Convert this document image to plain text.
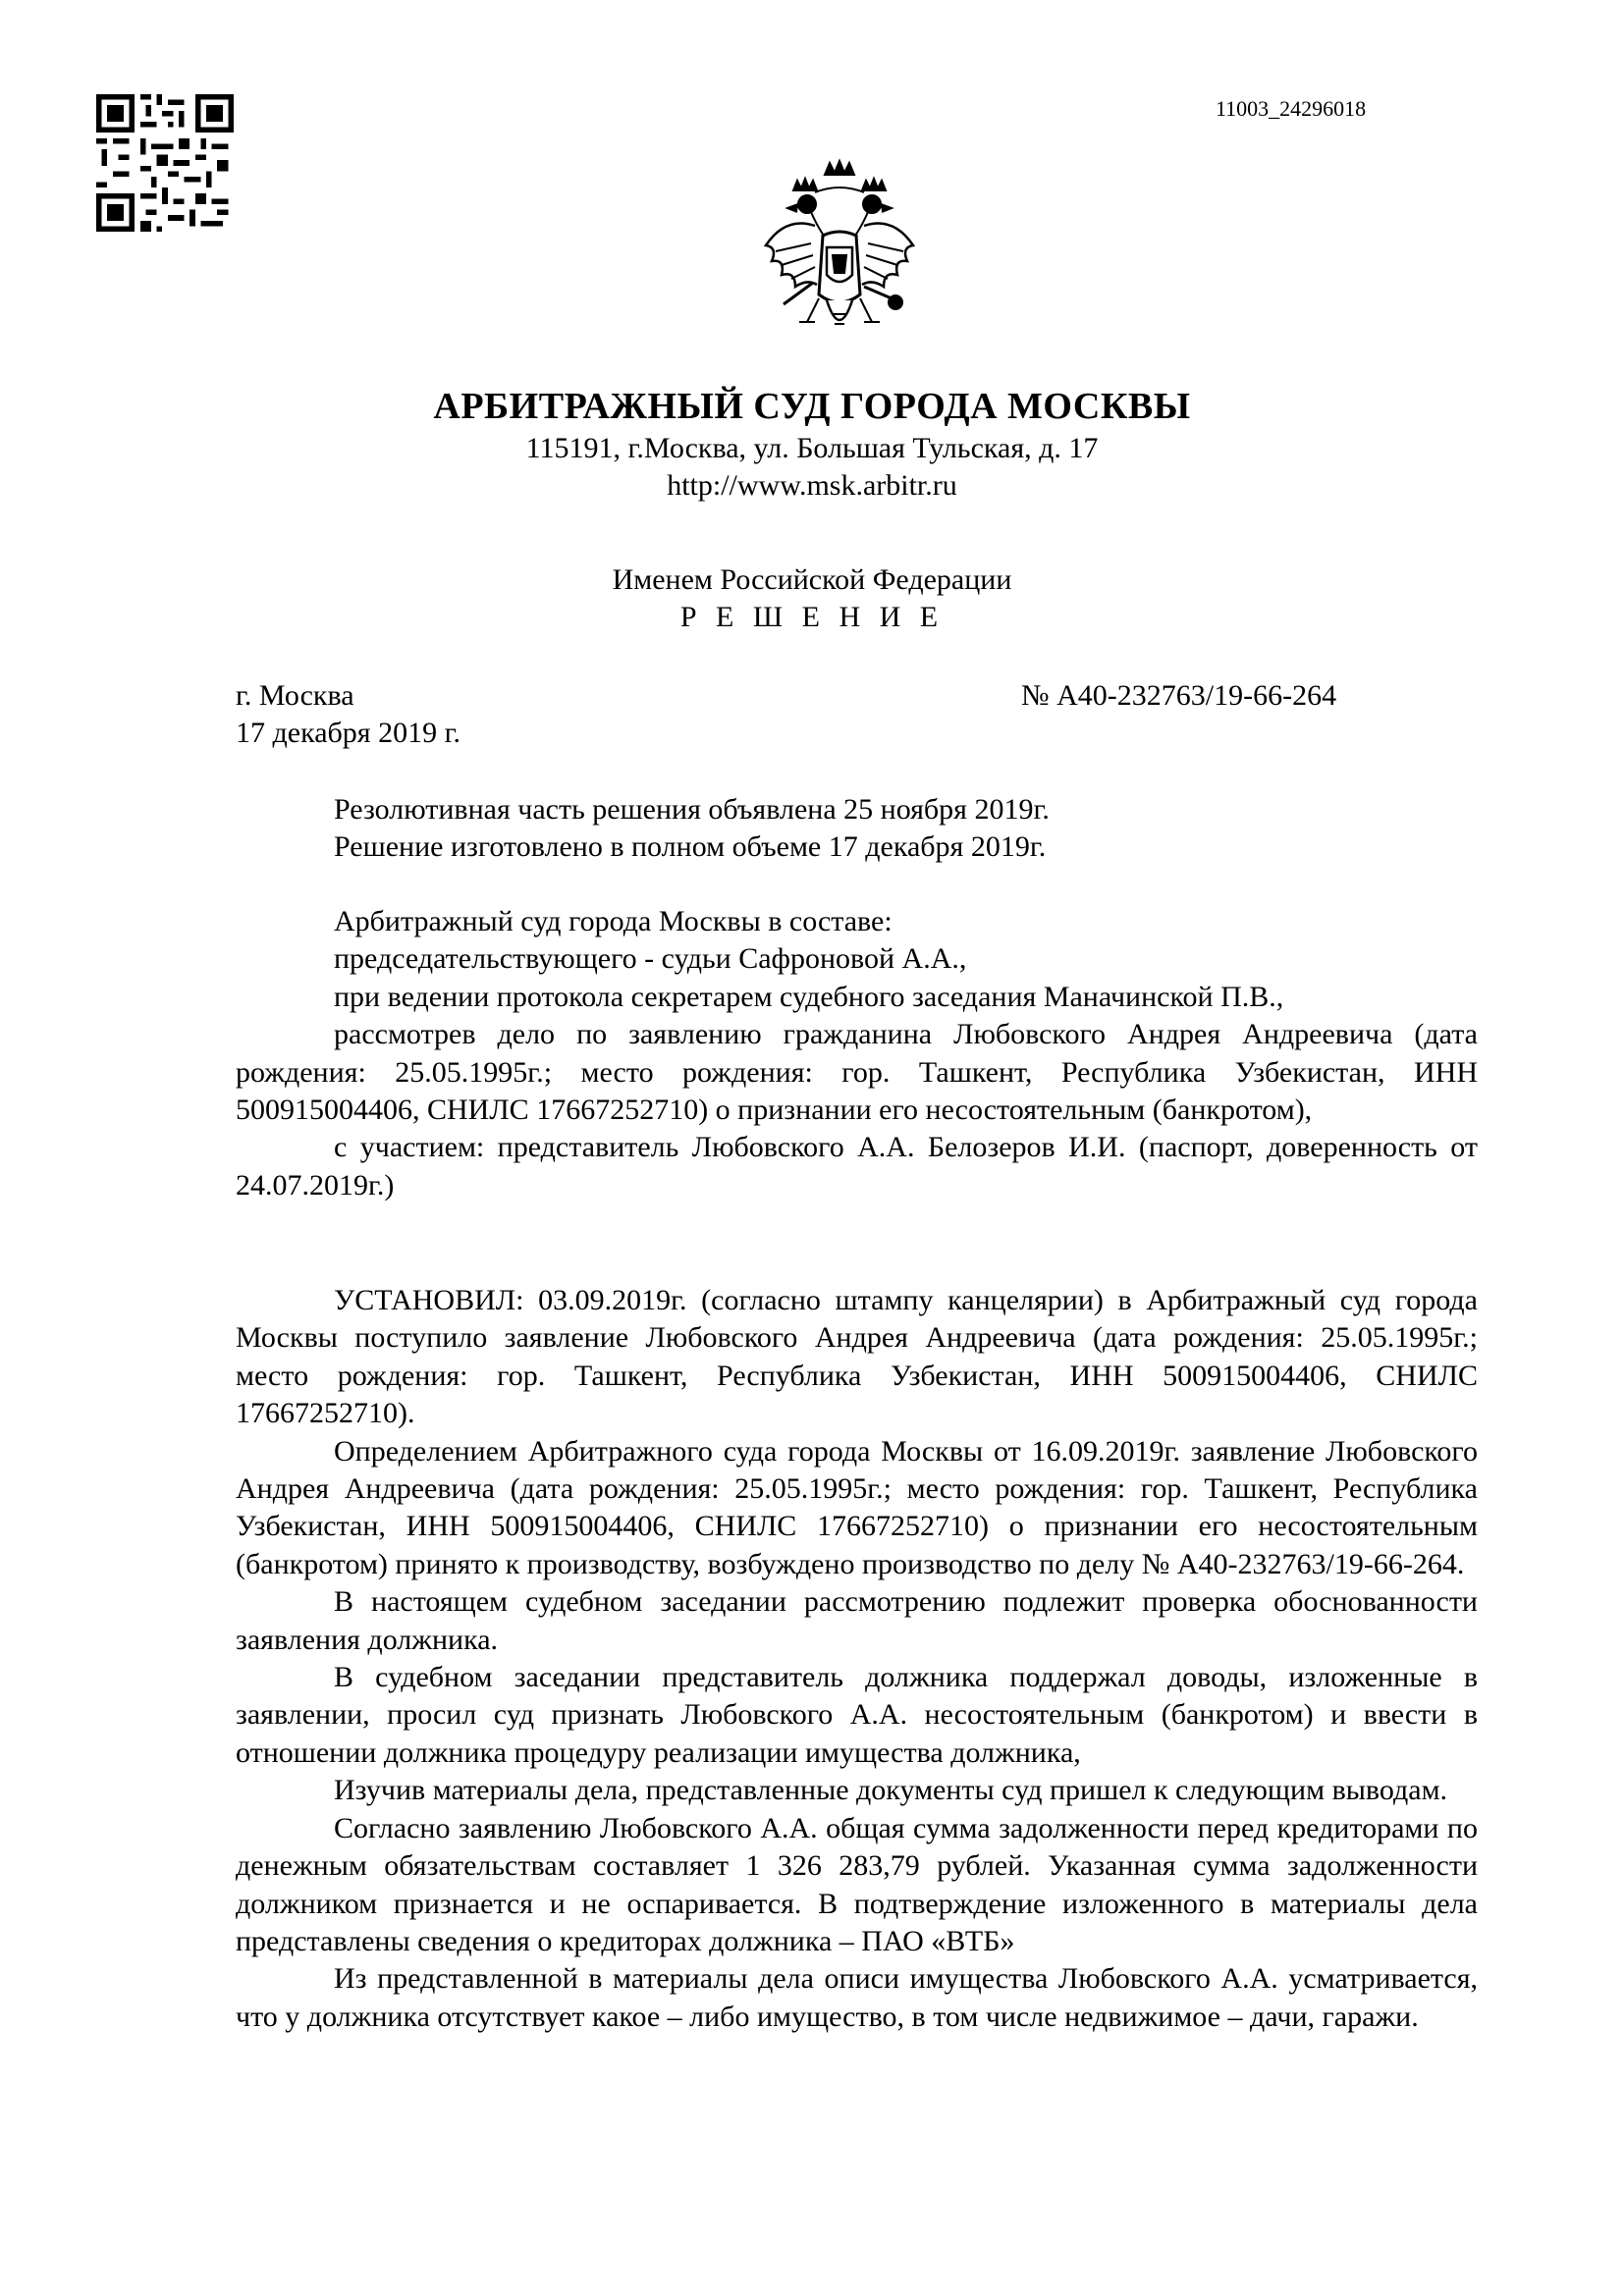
11003_24296018
АРБИТРАЖНЫЙ СУД ГОРОДА МОСКВЫ
115191, г.Москва, ул. Большая Тульская, д. 17
http://www.msk.arbitr.ru
Именем Российской Федерации
Р Е Ш Е Н И Е
г. Москва
17 декабря 2019 г.
№ А40-232763/19-66-264

Резолютивная часть решения объявлена 25 ноября 2019г.

Решение изготовлено в полном объеме 17 декабря 2019г.

Арбитражный суд города Москвы в составе:

председательствующего - судьи Сафроновой А.А.,

при ведении протокола секретарем судебного заседания Маначинской П.В.,

рассмотрев дело по заявлению гражданина Любовского Андрея Андреевича (дата рождения: 25.05.1995г.; место рождения: гор. Ташкент, Республика Узбекистан, ИНН 500915004406, СНИЛС 17667252710) о признании его несостоятельным (банкротом),

с участием: представитель Любовского А.А. Белозеров И.И. (паспорт, доверенность от 24.07.2019г.)

УСТАНОВИЛ: 03.09.2019г. (согласно штампу канцелярии) в Арбитражный суд города Москвы поступило заявление Любовского Андрея Андреевича (дата рождения: 25.05.1995г.; место рождения: гор. Ташкент, Республика Узбекистан, ИНН 500915004406, СНИЛС 17667252710).

Определением Арбитражного суда города Москвы от 16.09.2019г. заявление Любовского Андрея Андреевича (дата рождения: 25.05.1995г.; место рождения: гор. Ташкент, Республика Узбекистан, ИНН 500915004406, СНИЛС 17667252710) о признании его несостоятельным (банкротом) принято к производству, возбуждено производство по делу № А40-232763/19-66-264.

В настоящем судебном заседании рассмотрению подлежит проверка обоснованности заявления должника.

В судебном заседании представитель должника поддержал доводы, изложенные в заявлении, просил суд признать Любовского А.А. несостоятельным (банкротом) и ввести в отношении должника процедуру реализации имущества должника,

Изучив материалы дела, представленные документы суд пришел к следующим выводам.

Согласно заявлению Любовского А.А. общая сумма задолженности перед кредиторами по денежным обязательствам составляет 1 326 283,79 рублей. Указанная сумма задолженности должником признается и не оспаривается. В подтверждение изложенного в материалы дела представлены сведения о кредиторах должника – ПАО «ВТБ»

Из представленной в материалы дела описи имущества Любовского А.А. усматривается, что у должника отсутствует какое – либо имущество, в том числе недвижимое – дачи, гаражи.
